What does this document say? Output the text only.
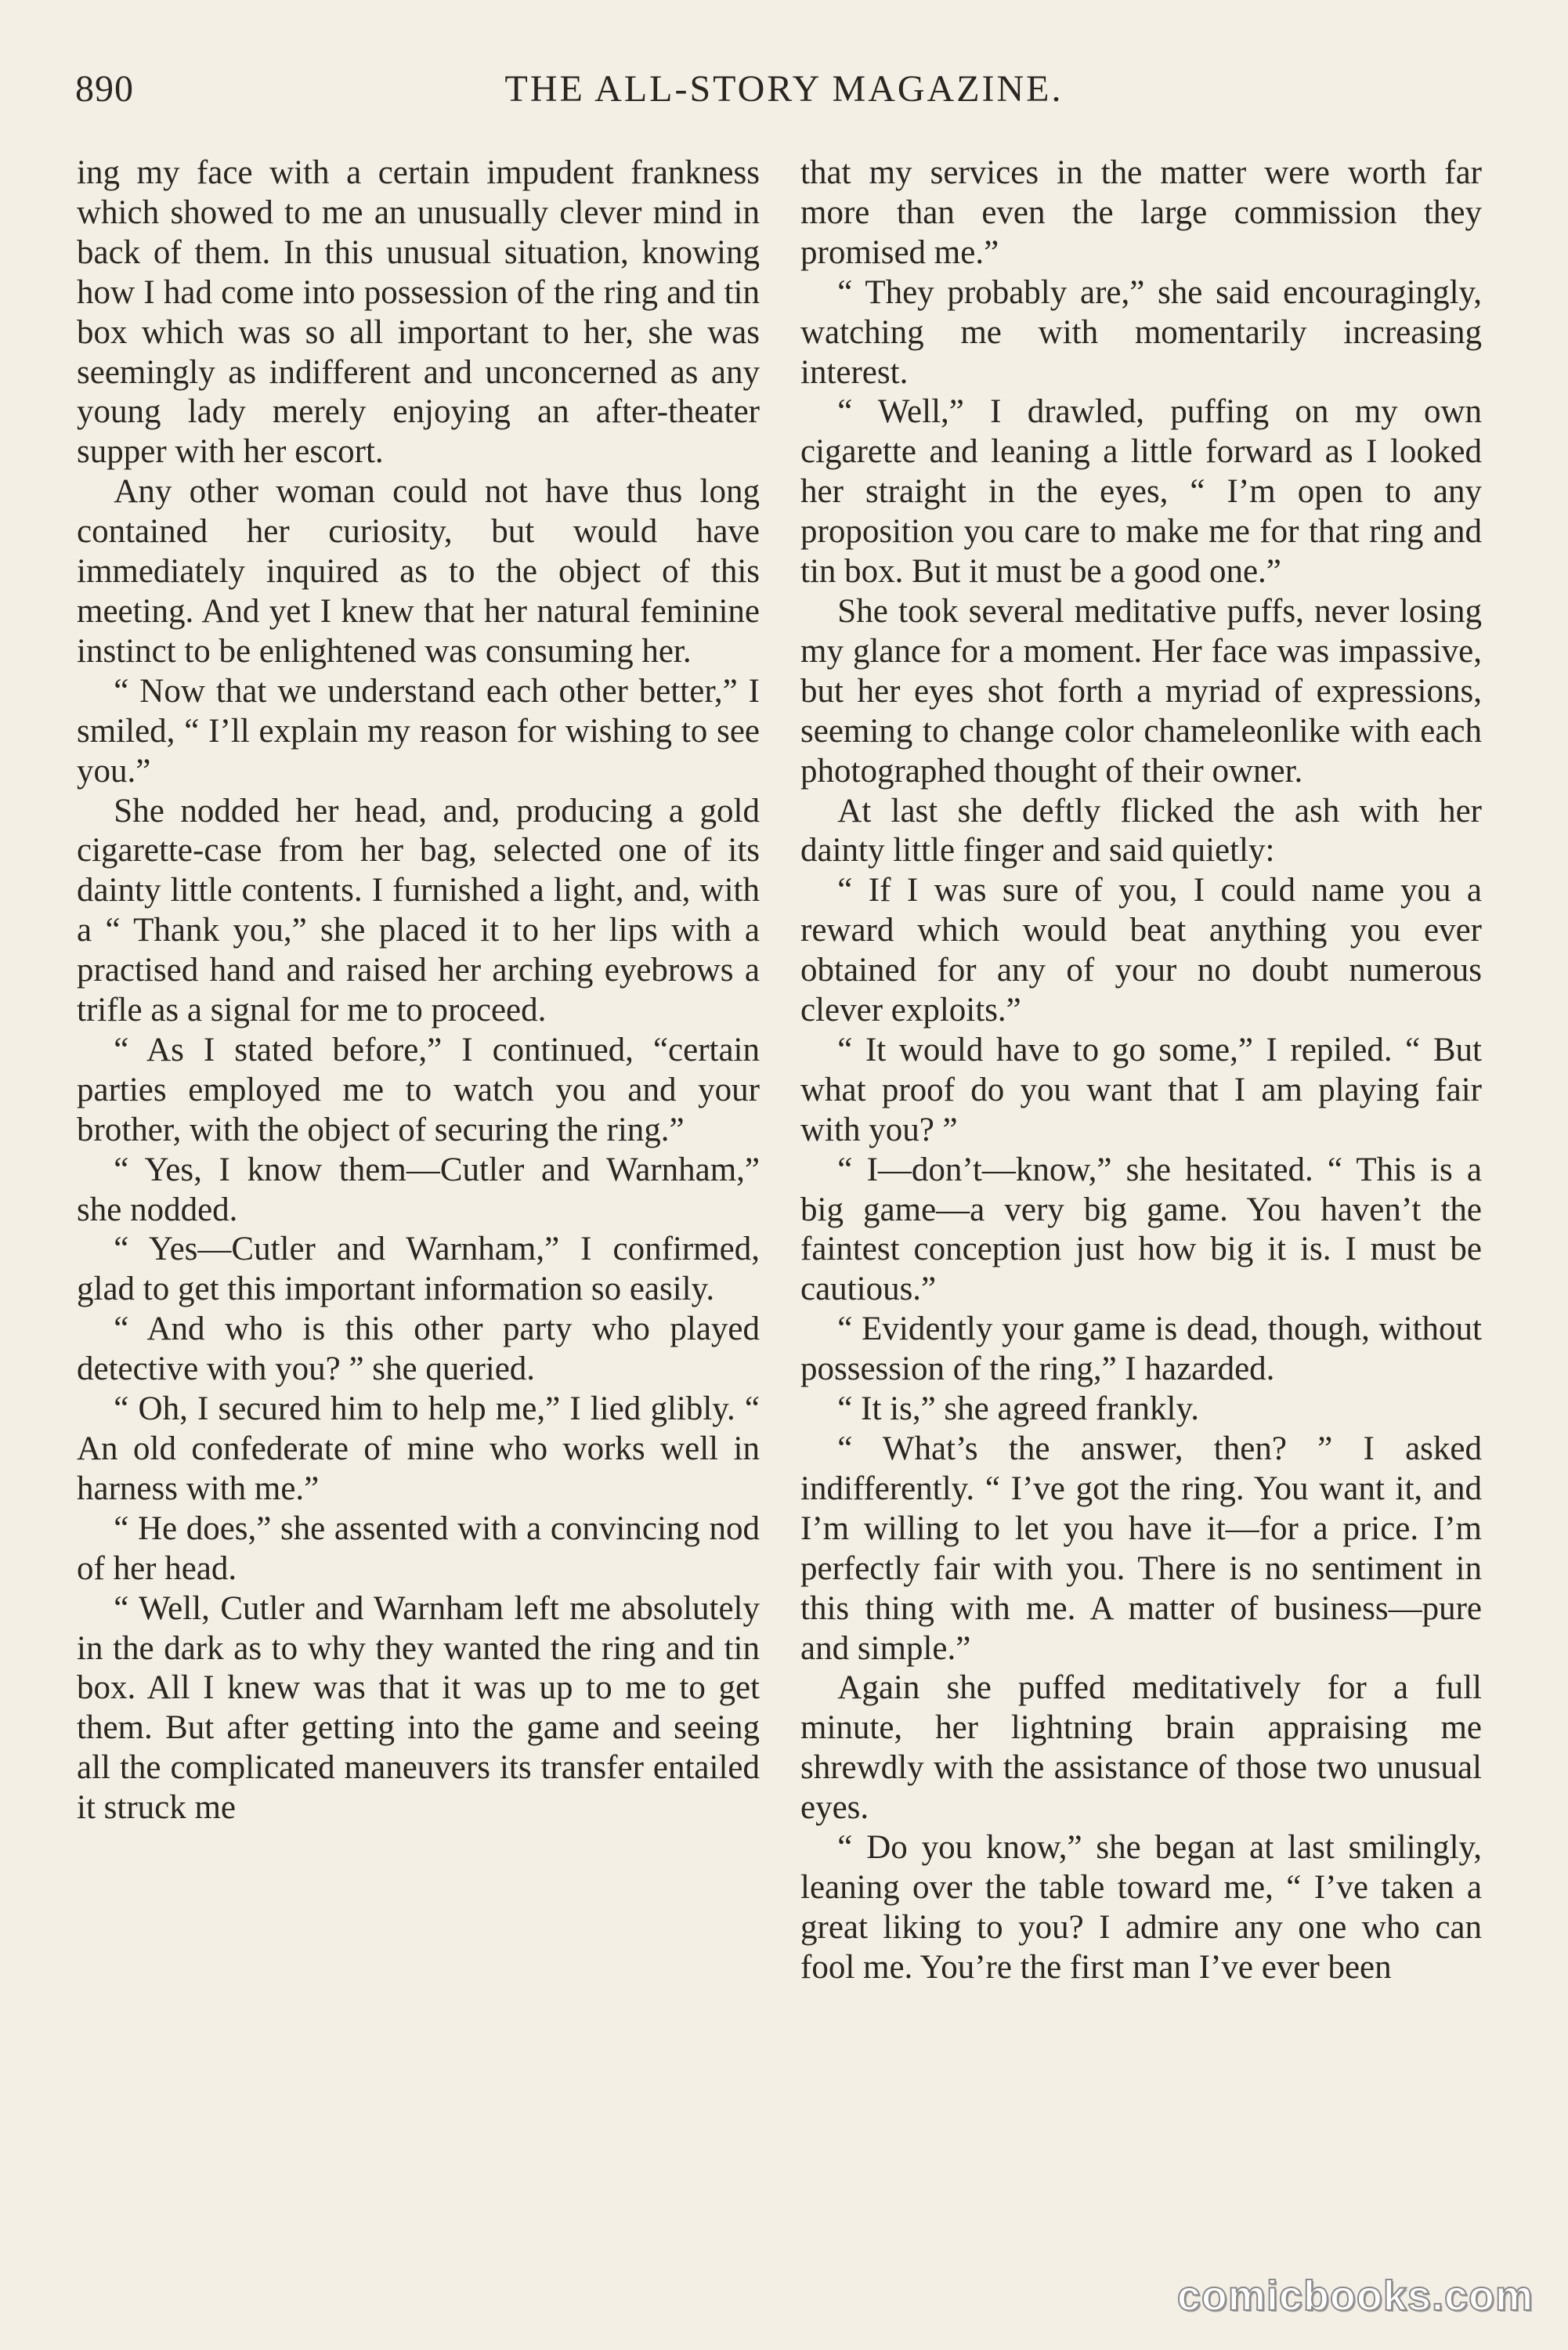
890	THE ALL-STORY MAGAZINE.

ing my face with a certain impudent frankness which showed to me an unusually clever mind in back of them. In this unusual situation, knowing how I had come into possession of the ring and tin box which was so all important to her, she was seemingly as indifferent and unconcerned as any young lady merely enjoying an after-theater supper with her escort.

Any other woman could not have thus long contained her curiosity, but would have immediately inquired as to the object of this meeting. And yet I knew that her natural feminine instinct to be enlightened was consuming her.

“ Now that we understand each other better,” I smiled, “ I’ll explain my reason for wishing to see you.”

She nodded her head, and, producing a gold cigarette-case from her bag, selected one of its dainty little contents. I furnished a light, and, with a “ Thank you,” she placed it to her lips with a practised hand and raised her arching eyebrows a trifle as a signal for me to proceed.

“ As I stated before,” I continued, “certain parties employed me to watch you and your brother, with the object of securing the ring.”

“ Yes, I know them—Cutler and Warnham,” she nodded.

“ Yes—Cutler and Warnham,” I confirmed, glad to get this important information so easily.

“ And who is this other party who played detective with you? ” she queried.

“ Oh, I secured him to help me,” I lied glibly. “ An old confederate of mine who works well in harness with me.”

“ He does,” she assented with a convincing nod of her head.

“ Well, Cutler and Warnham left me absolutely in the dark as to why they wanted the ring and tin box. All I knew was that it was up to me to get them. But after getting into the game and seeing all the complicated maneuvers its transfer entailed it struck me

that my services in the matter were worth far more than even the large commission they promised me.”

“ They probably are,” she said encouragingly, watching me with momentarily increasing interest.

“ Well,” I drawled, puffing on my own cigarette and leaning a little forward as I looked her straight in the eyes, “ I’m open to any proposition you care to make me for that ring and tin box. But it must be a good one.”

She took several meditative puffs, never losing my glance for a moment. Her face was impassive, but her eyes shot forth a myriad of expressions, seeming to change color chameleonlike with each photographed thought of their owner.

At last she deftly flicked the ash with her dainty little finger and said quietly:

“ If I was sure of you, I could name you a reward which would beat anything you ever obtained for any of your no doubt numerous clever exploits.”

“ It would have to go some,” I repiled. “ But what proof do you want that I am playing fair with you? ”

“ I—don’t—know,” she hesitated. “ This is a big game—a very big game. You haven’t the faintest conception just how big it is. I must be cautious.”

“ Evidently your game is dead, though, without possession of the ring,” I hazarded.

“ It is,” she agreed frankly.

“ What’s the answer, then? ” I asked indifferently. “ I’ve got the ring. You want it, and I’m willing to let you have it—for a price. I’m perfectly fair with you. There is no sentiment in this thing with me. A matter of business—pure and simple.”

Again she puffed meditatively for a full minute, her lightning brain appraising me shrewdly with the assistance of those two unusual eyes.

“ Do you know,” she began at last smilingly, leaning over the table toward me, “ I’ve taken a great liking to you? I admire any one who can fool me. You’re the first man I’ve ever been

comicbooks.com
